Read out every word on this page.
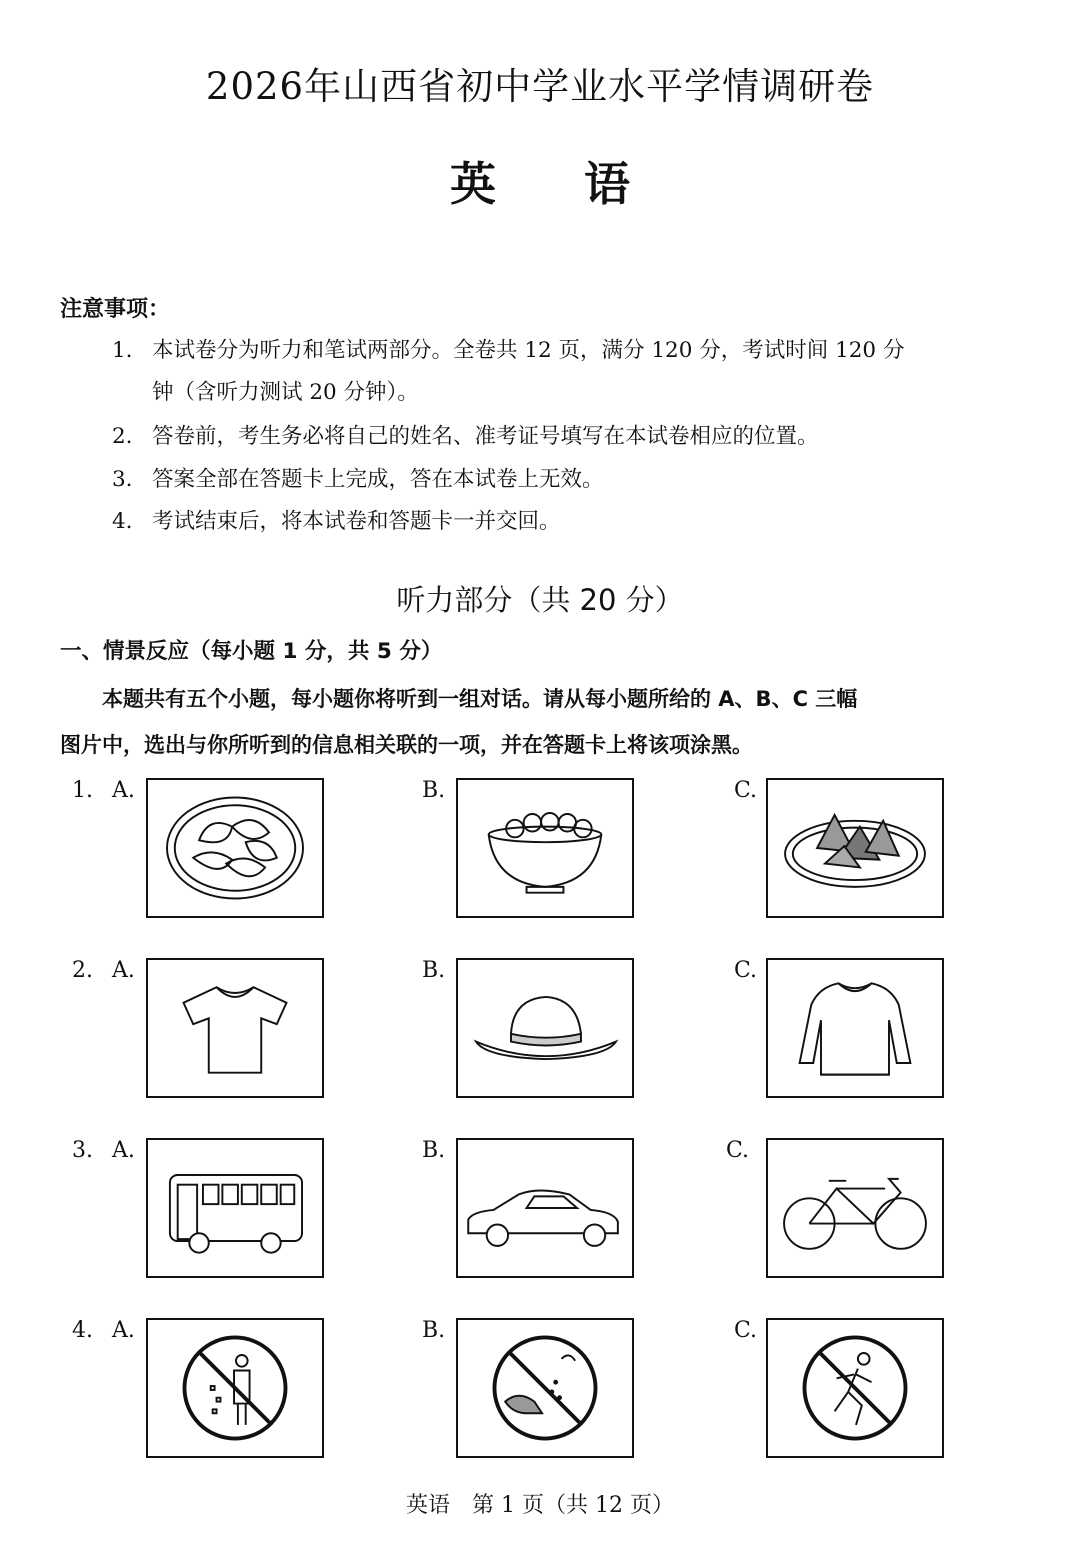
2026年山西省初中学业水平学情调研卷
英 语
注意事项：
1. 本试卷分为听力和笔试两部分。全卷共 12 页，满分 120 分，考试时间 120 分
钟（含听力测试 20 分钟）。
2. 答卷前，考生务必将自己的姓名、准考证号填写在本试卷相应的位置。
3. 答案全部在答题卡上完成，答在本试卷上无效。
4. 考试结束后，将本试卷和答题卡一并交回。
听力部分（共 20 分）
一、情景反应（每小题 1 分，共 5 分）
本题共有五个小题，每小题你将听到一组对话。请从每小题所给的 A、B、C 三幅
图片中，选出与你所听到的信息相关联的一项，并在答题卡上将该项涂黑。
1. A.	B.	C.
2. A.	B.	C.
3. A.	B.	C.
4. A.	B.	C.
英语　第 1 页（共 12 页）
